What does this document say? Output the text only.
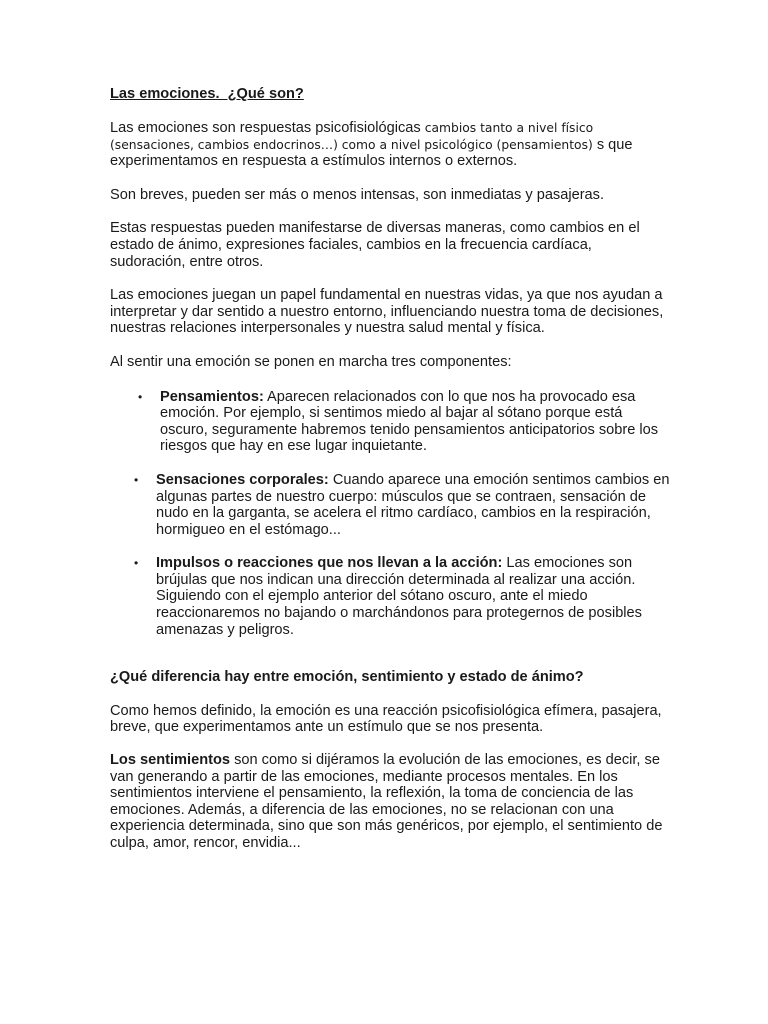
Las emociones.  ¿Qué son?

Las emociones son respuestas psicofisiológicas cambios tanto a nivel físico (sensaciones, cambios endocrinos…) como a nivel psicológico (pensamientos) s que experimentamos en respuesta a estímulos internos o externos.

Son breves, pueden ser más o menos intensas, son inmediatas y pasajeras.

Estas respuestas pueden manifestarse de diversas maneras, como cambios en el estado de ánimo, expresiones faciales, cambios en la frecuencia cardíaca, sudoración, entre otros.

Las emociones juegan un papel fundamental en nuestras vidas, ya que nos ayudan a interpretar y dar sentido a nuestro entorno, influenciando nuestra toma de decisiones, nuestras relaciones interpersonales y nuestra salud mental y física.

Al sentir una emoción se ponen en marcha tres componentes:

• Pensamientos: Aparecen relacionados con lo que nos ha provocado esa emoción. Por ejemplo, si sentimos miedo al bajar al sótano porque está oscuro, seguramente habremos tenido pensamientos anticipatorios sobre los riesgos que hay en ese lugar inquietante.
• Sensaciones corporales: Cuando aparece una emoción sentimos cambios en algunas partes de nuestro cuerpo: músculos que se contraen, sensación de nudo en la garganta, se acelera el ritmo cardíaco, cambios en la respiración, hormigueo en el estómago...
• Impulsos o reacciones que nos llevan a la acción: Las emociones son brújulas que nos indican una dirección determinada al realizar una acción. Siguiendo con el ejemplo anterior del sótano oscuro, ante el miedo reaccionaremos no bajando o marchándonos para protegernos de posibles amenazas y peligros.

¿Qué diferencia hay entre emoción, sentimiento y estado de ánimo?

Como hemos definido, la emoción es una reacción psicofisiológica efímera, pasajera, breve, que experimentamos ante un estímulo que se nos presenta.

Los sentimientos son como si dijéramos la evolución de las emociones, es decir, se van generando a partir de las emociones, mediante procesos mentales. En los sentimientos interviene el pensamiento, la reflexión, la toma de conciencia de las emociones. Además, a diferencia de las emociones, no se relacionan con una experiencia determinada, sino que son más genéricos, por ejemplo, el sentimiento de culpa, amor, rencor, envidia...
